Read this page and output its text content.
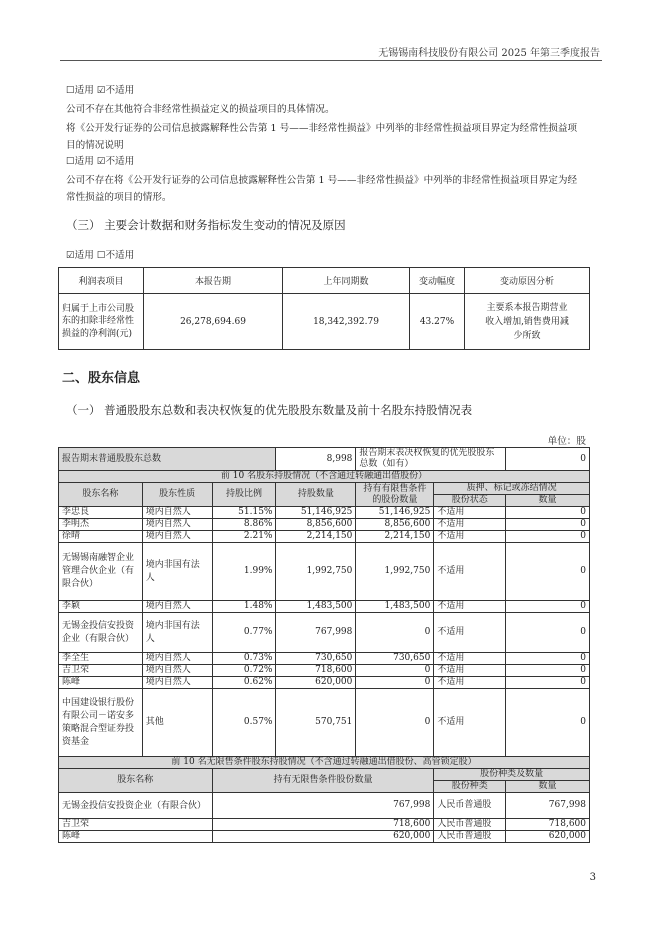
无锡锡南科技股份有限公司 2025 年第三季度报告
☐适用 ☑不适用
公司不存在其他符合非经常性损益定义的损益项目的具体情况。
将《公开发行证券的公司信息披露解释性公告第 1 号——非经常性损益》中列举的非经常性损益项目界定为经常性损益项目的情况说明
☐适用 ☑不适用
公司不存在将《公开发行证券的公司信息披露解释性公告第 1 号——非经常性损益》中列举的非经常性损益项目界定为经常性损益的项目的情形。
（三） 主要会计数据和财务指标发生变动的情况及原因
☑适用 ☐不适用
利润表项目	本报告期	上年同期数	变动幅度	变动原因分析
归属于上市公司股东的扣除非经常性损益的净利润(元)	26,278,694.69	18,342,392.79	43.27%	主要系本报告期营业收入增加,销售费用减少所致
二、股东信息
（一） 普通股股东总数和表决权恢复的优先股股东数量及前十名股东持股情况表
单位：股
报告期末普通股股东总数			8,998	报告期末表决权恢复的优先股股东总数（如有）		0
前 10 名股东持股情况（不含通过转融通出借股份）						
股东名称	股东性质	持股比例	持股数量	持有有限售条件的股份数量	质押、标记或冻结情况	
					股份状态	数量
李忠良	境内自然人	51.15%	51,146,925	51,146,925	不适用	0
李明杰	境内自然人	8.86%	8,856,600	8,856,600	不适用	0
徐晴	境内自然人	2.21%	2,214,150	2,214,150	不适用	0
无锡锡南融智企业管理合伙企业（有限合伙）	境内非国有法人	1.99%	1,992,750	1,992,750	不适用	0
李颖	境内自然人	1.48%	1,483,500	1,483,500	不适用	0
无锡金投信安投资企业（有限合伙）	境内非国有法人	0.77%	767,998	0	不适用	0
李全生	境内自然人	0.73%	730,650	730,650	不适用	0
吉卫荣	境内自然人	0.72%	718,600	0	不适用	0
陈峰	境内自然人	0.62%	620,000	0	不适用	0
中国建设银行股份有限公司－诺安多策略混合型证券投资基金	其他	0.57%	570,751	0	不适用	0
前 10 名无限售条件股东持股情况（不含通过转融通出借股份、高管锁定股）						
股东名称		持有无限售条件股份数量			股份种类及数量	
					股份种类	数量
无锡金投信安投资企业（有限合伙）		767,998			人民币普通股	767,998
吉卫荣		718,600			人民币普通股	718,600
陈峰		620,000			人民币普通股	620,000
3
